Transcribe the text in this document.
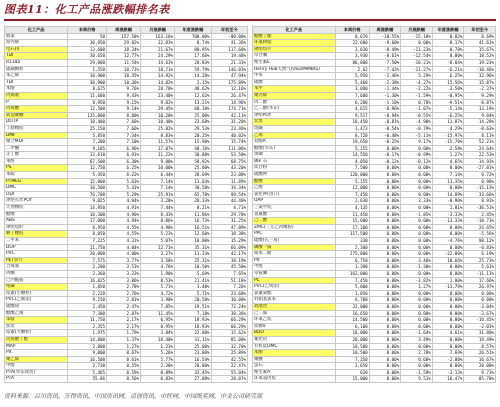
图表11：化工产品涨跌幅排名表
化工产品	本周价格	周涨跌幅	月涨跌幅	年度涨跌幅	年初至今
液氯	50	157.58%	163.16%	700.00%	-80.00%
原丙烯	30,950	29.82%	32.83%	8.74%	41.36%
电石(Ⅰ)	13,600	18.24%	21.67%	80.95%	117.60%
TDI	30,650	12.77%	24.29%	17.66%	19.48%
R134a	29,000	11.54%	14.63%	20.83%	21.33%
硫磺颗粒	1,550	10.71%	10.71%	59.79%	146.03%
苯乙烯	10,900	10.35%	14.92%	14.28%	47.94%
TDI	30,900	10.36%	14.02%	2.15%	175.89%
苯酚	8,675	9.76%	28.70%	40.62%	12.16%
丙烯腈	11,600	9.43%	23.40%	12.62%	26.47%
P	8,950	9.15%	9.82%	13.21%	14.96%
丙烯酸	12,500	9.14%	29.45%	68.10%	174.71%
软泡聚醚	135,000	8.00%	10.20%	25.00%	42.11%
DOTP	10,400	7.66%	10.40%	23.68%	31.20%
丁腈橡胶	25,150	7.66%	25.82%	29.53%	23.46%
DMF	5,850	7.34%	8.83%	20.25%	40.02%
聚合MDI	7,200	7.10%	11.57%	15.98%	15.74%
二甲醚	9,185	6.96%	17.07%	40.16%	111.06%
正丁醇	13,610	6.91%	11.22%	30.88%	53.50%
苯酐	67,500	6.30%	9.00%	58.92%	68.75%
PS	12,750	6.25%	10.00%	25.00%	43.20%
苯胺	5,450	6.22%	6.44%	28.69%	23.08%
PTMEG	15,000	5.63%	7.14%	13.64%	11.89%
DMC	10,500	5.41%	7.14%	30.58%	34.34%
ODI	76,700	5.29%	25.91%	65.78%	99.54%
涤纶长丝POY	9,025	4.94%	3.28%	20.33%	44.40%
天然橡胶	14,950	4.91%	7.44%	8.21%	4.71%
醋酸	10,300	4.96%	8.43%	11.86%	29.70%
ABS	17,000	4.94%	8.86%	16.73%	31.25%
涤纶短纤	6,950	4.55%	4.98%	16.51%	47.09%
顺丁橡胶	8,050	4.55%	5.23%	12.60%	18.38%
二甲苯	7,225	4.31%	5.07%	10.00%	15.29%
DOP	11,750	4.04%	12.71%	35.31%	66.09%
PVC	20,000	4.00%	3.27%	11.23%	42.17%
PET切片	7,575	3.77%	3.58%	25.31%	38.19%
合成氨	2,200	3.53%	4.76%	10.50%	45.50%
丙酮	2,360	3.23%	1.90%	5.69%	7.65%
己内酰胺	16,025	3.06%	8.53%	21.41%	51.18%
纯碱	1,850	2.78%	5.71%	3.40%	7.26%
尿素(小颗粒)	2,220	2.76%	4.72%	5.71%	23.68%
PVC(乙烯法)	9,150	2.81%	3.90%	20.50%	30.00%
硫酸铵	2,450	2.47%	7.85%	19.51%	72.24%
醋酸乙烯	7,300	2.07%	11.45%	7.18%	30.36%
苯胺	11,750	2.17%	0.95%	18.93%	66.29%
焦炭	2,355	2.17%	0.95%	18.93%	66.29%
尿素(大颗粒)	1,975	1.79%	3.84%	22.08%	15.62%
丙烯酸丁酯	14,800	1.37%	18.40%	31.11%	85.00%
MAP	2,800	1.27%	1.23%	25.00%	32.70%
PX	9,000	0.67%	5.26%	23.08%	25.89%
聚乙烯	16,500	0.61%	5.77%	16.54%	42.55%
甲醇	2,730	0.55%	2.30%	20.00%	22.47%
PTA(华东现货)	5,465	0.59%	0.89%	33.45%	55.04%
PTA	55.86	0.56%	0.83%	27.08%	28.07%
化工产品	本周价格	周涨跌幅	月涨跌幅	年度涨跌幅	年初至今
醋酸丁酯	8,670	-10.55%	-15.18%	0.82%	8.69%
环氧树脂	22,600	-9.60%	0.00%	8.17%	41.61%
锦纶切片	3,830	-8.49%	-11.23%	0.78%	15.67%
草甘膦	3,930	-8.61%	-12.54%	0.00%	18.52%
维生素E	86,800	-7.50%	-10.21%	-8.84%	19.23%
Henry Hub天然气(USD/MMBtu)	2.62	-7.42%	-11.27%	-6.21%	-10.46%
甲苯	5,950	-2.46%	5.29%	6.25%	32.96%
硫酸	5,460	-2.38%	-4.27%	15.56%	15.87%
苯甲	3,090	-1.44%	-2.22%	3.50%	-2.37%
聚丙烯	7,600	-1.30%	-1.59%	-0.95%	9.29%
丙二醇	6,280	-1.10%	0.78%	-9.51%	-8.87%
乙二醇(华东)	4,615	-0.96%	-1.07%	-5.14%	13.19%
涤纶POY	9,517	-0.94%	-0.55%	-6.25%	9.04%
炭黑	18,450	-0.81%	-4.90%	11.87%	14.28%
烧碱	1,473	-0.54%	-0.79%	4.29%	-0.63%
乙烯	8,720	-0.48%	-5.11%	-15.97%	8.11%
双酚A	19,650	-0.25%	9.17%	-15.70%	52.21%
醋酸(华东)	5,155	0.00%	0.00%	2.58%	24.64%
黄磷	14,550	-0.17%	-0.99%	1.27%	22.53%
磷矿石	4,050	-0.12%	-0.12%	4.65%	14.93%
钛白粉	7,500	0.00%	0.00%	0.00%	-27.81%
硫酸钾	120,000	0.00%	0.00%	7.14%	6.72%
醋酸	5,155	0.00%	0.00%	13.35%	0.98%
乙醇	12,000	0.00%	0.00%	0.00%	-15.13%
氯化钾(进口)	7,450	0.00%	0.00%	14.89%	33.66%
OAP	2,630	0.00%	3.33%	-0.90%	8.91%
三氯甲烷	4,135	0.00%	0.00%	1.01%	-36.51%
氢氟酸	11,450	0.00%	-1.85%	-3.33%	2.45%
己二酸	15,600	0.00%	0.00%	-13.33%	-10.73%
ZMC(三元乙丙橡胶)	17,100	0.00%	0.00%	0.00%	24.65%
PPC	117,500	0.00%	0.00%	0.00%	-5.56%
硫酸(长三角)	330	0.00%	0.00%	-4.76%	98.12%
磷酸一铵	2,300	0.00%	0.00%	0.00%	-0.83%
间苯二酚	275,000	0.00%	0.00%	-22.80%	6.19%
PX	6,750	0.00%	3.46%	10.66%	25.73%
甲醛	1,390	0.00%	-1.30%	0.00%	5.61%
草铵膦	162,000	0.00%	0.00%	0.00%	-11.11%
PC	7,450	0.00%	-3.82%	1.00%	17.66%
PVC(乙炔法)	5,800	0.00%	1.27%	-13.79%	26.97%
氯氰菊酯	1,050	0.00%	0.00%	0.00%	0.00%
对硝基氯苯	6,700	0.00%	0.00%	0.00%	0.00%
敌敌畏	32,000	0.00%	0.00%	0.00%	-3.04%
己二胺	16,650	0.00%	0.00%	0.00%	-3.67%
环氧乙烷	14,500	0.00%	0.00%	0.00%	-10.45%
钛精矿	6,100	0.00%	0.00%	0.00%	-2.03%
BDO	18,000	0.00%	-1.64%	4.61%	31.80%
氟化铝	20,000	0.00%	3.49%	0.00%	19.49%
有机硅DMC	18,500	0.00%	0.00%	0.00%	8.57%
苯酚	10,500	0.00%	2.70%	7.69%	26.51%
聚醚	7,350	0.00%	0.68%	-2.00%	16.67%
萤石	3,650	0.00%	0.00%	0.00%	20.00%
维生素A	620	0.00%	-1.59%	-3.13%	9.73%
环氧氯丙烷	15,000	0.00%	9.51%	16.47%	85.70%
资料来源：百川资讯，万得资讯，中国资讯网，卓创资讯，中纤网，中国纸浆网，中金公司研究部
